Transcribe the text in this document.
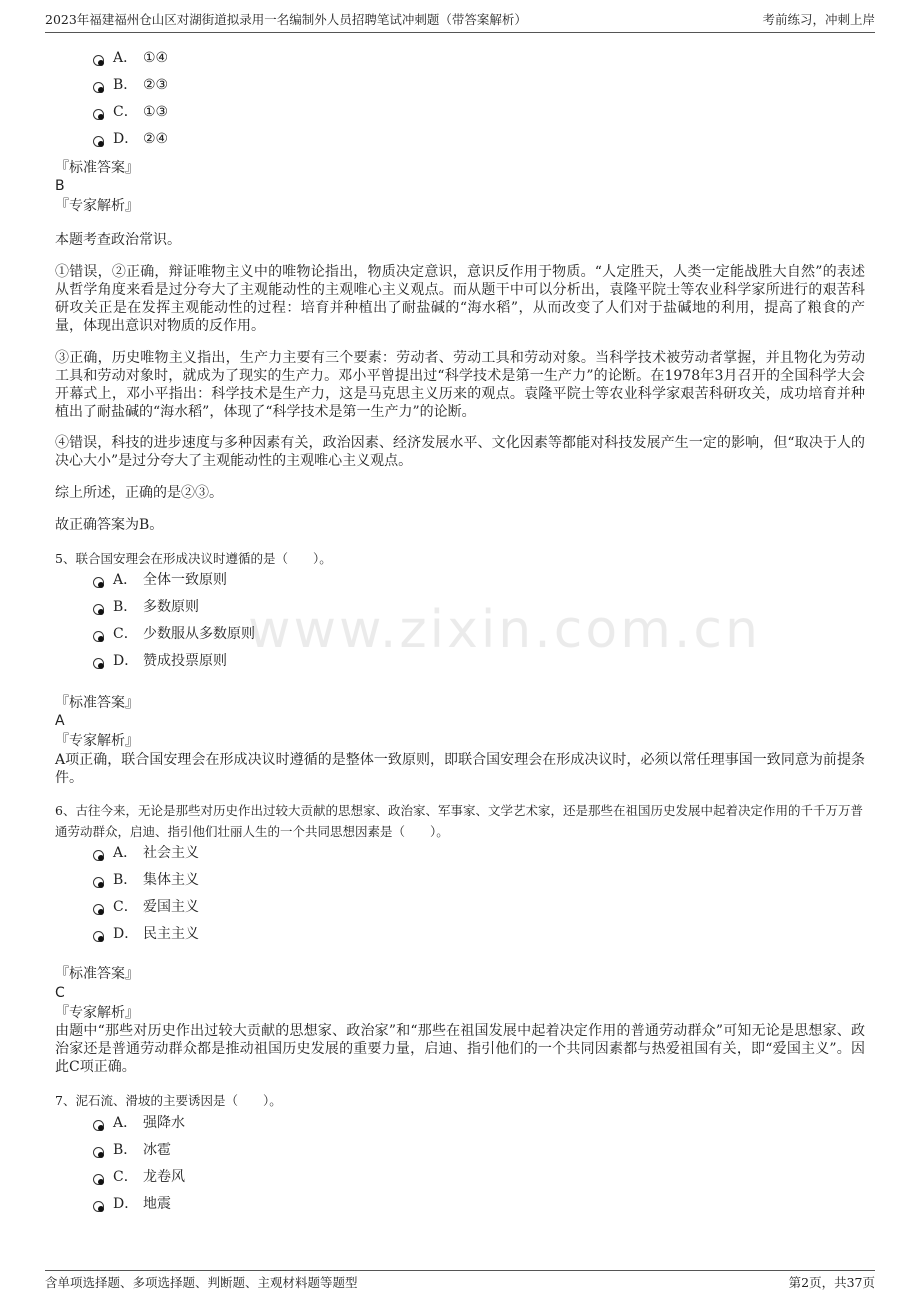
2023年福建福州仓山区对湖街道拟录用一名编制外人员招聘笔试冲刺题（带答案解析）	考前练习，冲刺上岸
www.zixin.com.cn
A． ①④
B． ②③
C． ①③
D． ②④
『标准答案』
B
『专家解析』
本题考查政治常识。
①错误，②正确，辩证唯物主义中的唯物论指出，物质决定意识，意识反作用于物质。“人定胜天，人类一定能战胜大自然”的表述从哲学角度来看是过分夸大了主观能动性的主观唯心主义观点。而从题干中可以分析出，袁隆平院士等农业科学家所进行的艰苦科研攻关正是在发挥主观能动性的过程：培育并种植出了耐盐碱的“海水稻”，从而改变了人们对于盐碱地的利用，提高了粮食的产量，体现出意识对物质的反作用。
③正确，历史唯物主义指出，生产力主要有三个要素：劳动者、劳动工具和劳动对象。当科学技术被劳动者掌握，并且物化为劳动工具和劳动对象时，就成为了现实的生产力。邓小平曾提出过“科学技术是第一生产力”的论断。在1978年3月召开的全国科学大会开幕式上，邓小平指出：科学技术是生产力，这是马克思主义历来的观点。袁隆平院士等农业科学家艰苦科研攻关，成功培育并种植出了耐盐碱的“海水稻”，体现了“科学技术是第一生产力”的论断。
④错误，科技的进步速度与多种因素有关，政治因素、经济发展水平、文化因素等都能对科技发展产生一定的影响，但“取决于人的决心大小”是过分夸大了主观能动性的主观唯心主义观点。
综上所述，正确的是②③。
故正确答案为B。
5、联合国安理会在形成决议时遵循的是（　　）。
A． 全体一致原则
B． 多数原则
C． 少数服从多数原则
D． 赞成投票原则
『标准答案』
A
『专家解析』
A项正确，联合国安理会在形成决议时遵循的是整体一致原则，即联合国安理会在形成决议时，必须以常任理事国一致同意为前提条件。
6、古往今来，无论是那些对历史作出过较大贡献的思想家、政治家、军事家、文学艺术家，还是那些在祖国历史发展中起着决定作用的千千万万普通劳动群众，启迪、指引他们壮丽人生的一个共同思想因素是（　　）。
A． 社会主义
B． 集体主义
C． 爱国主义
D． 民主主义
『标准答案』
C
『专家解析』
由题中“那些对历史作出过较大贡献的思想家、政治家”和“那些在祖国发展中起着决定作用的普通劳动群众”可知无论是思想家、政治家还是普通劳动群众都是推动祖国历史发展的重要力量，启迪、指引他们的一个共同因素都与热爱祖国有关，即“爱国主义”。因此C项正确。
7、泥石流、滑坡的主要诱因是（　　）。
A． 强降水
B． 冰雹
C． 龙卷风
D． 地震
含单项选择题、多项选择题、判断题、主观材料题等题型	第2页，共37页
